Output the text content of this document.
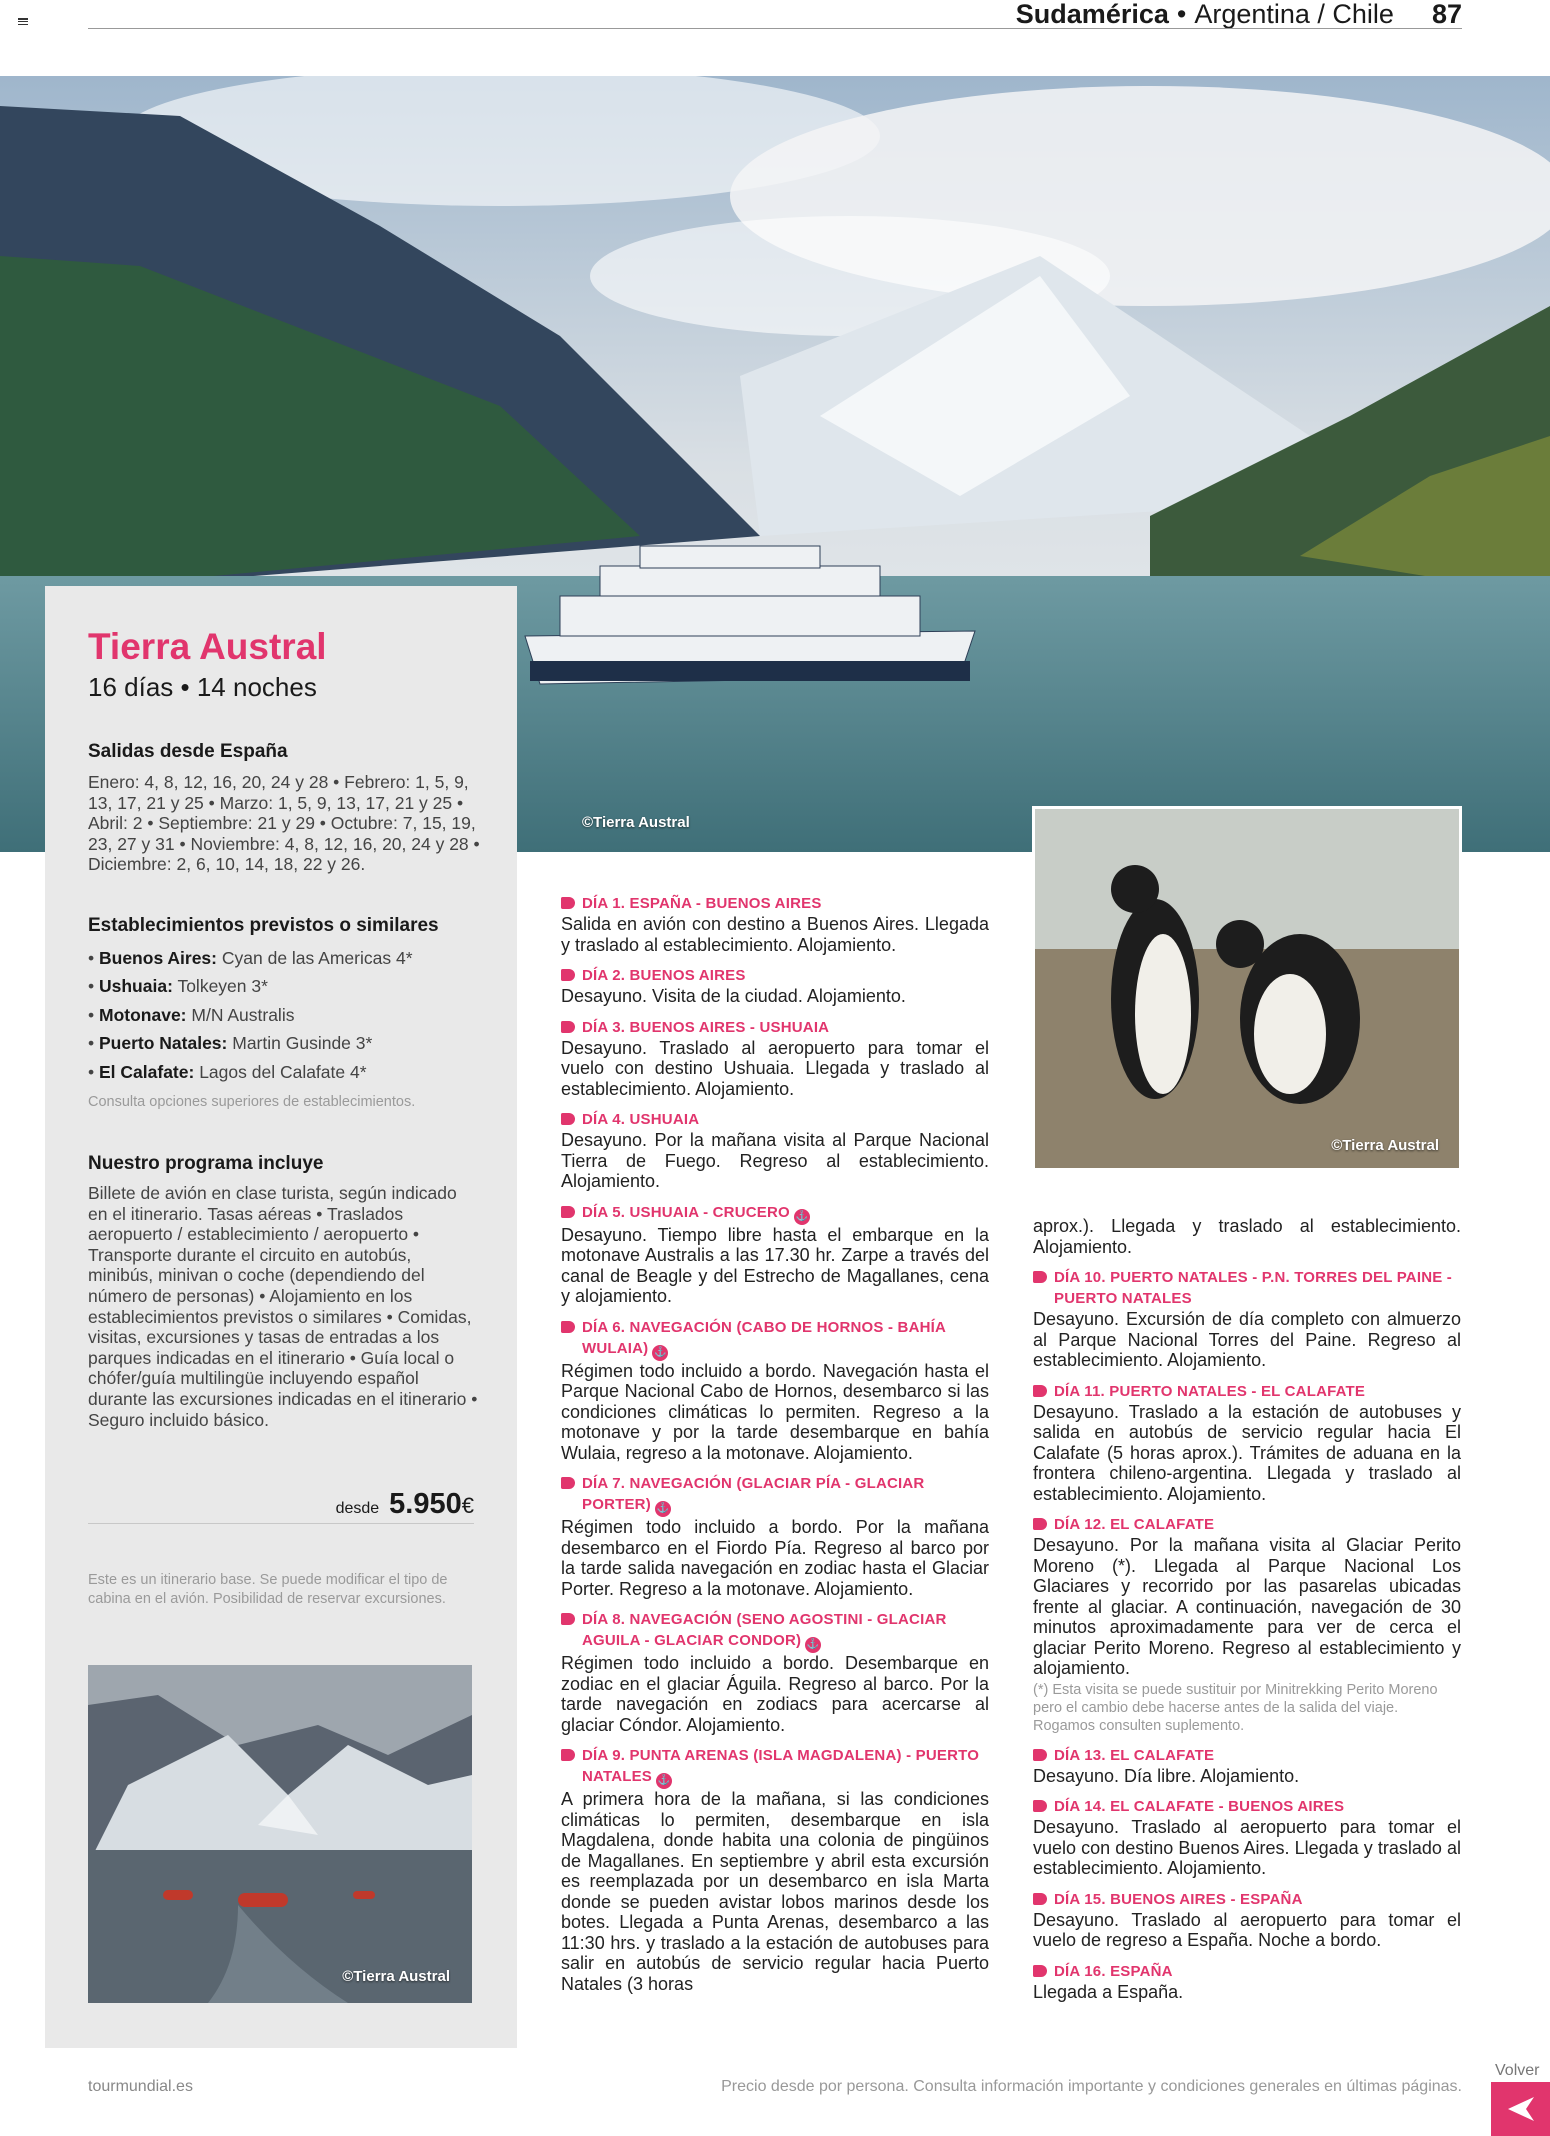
Sudamérica • Argentina / Chile 87
©Tierra Austral
Tierra Austral
16 días • 14 noches
Salidas desde España
Enero: 4, 8, 12, 16, 20, 24 y 28 • Febrero: 1, 5, 9, 13, 17, 21 y 25 • Marzo: 1, 5, 9, 13, 17, 21 y 25 • Abril: 2 • Septiembre: 21 y 29 • Octubre: 7, 15, 19, 23, 27 y 31 • Noviembre: 4, 8, 12, 16, 20, 24 y 28 • Diciembre: 2, 6, 10, 14, 18, 22 y 26.
Establecimientos previstos o similares
• Buenos Aires: Cyan de las Americas 4*
• Ushuaia: Tolkeyen 3*
• Motonave: M/N Australis
• Puerto Natales: Martin Gusinde 3*
• El Calafate: Lagos del Calafate 4*
Consulta opciones superiores de establecimientos.
Nuestro programa incluye
Billete de avión en clase turista, según indicado en el itinerario. Tasas aéreas • Traslados aeropuerto / establecimiento / aeropuerto • Transporte durante el circuito en autobús, minibús, minivan o coche (dependiendo del número de personas) • Alojamiento en los establecimientos previstos o similares • Comidas, visitas, excursiones y tasas de entradas a los parques indicadas en el itinerario • Guía local o chófer/guía multilingüe incluyendo español durante las excursiones indicadas en el itinerario • Seguro incluido básico.
desde 5.950 €
Este es un itinerario base. Se puede modificar el tipo de cabina en el avión. Posibilidad de reservar excursiones.
©Tierra Austral
©Tierra Austral
DÍA 1. ESPAÑA - BUENOS AIRES
Salida en avión con destino a Buenos Aires. Llegada y traslado al establecimiento. Alojamiento.
DÍA 2. BUENOS AIRES
Desayuno. Visita de la ciudad. Alojamiento.
DÍA 3. BUENOS AIRES - USHUAIA
Desayuno. Traslado al aeropuerto para tomar el vuelo con destino Ushuaia. Llegada y traslado al establecimiento. Alojamiento.
DÍA 4. USHUAIA
Desayuno. Por la mañana visita al Parque Nacional Tierra de Fuego. Regreso al establecimiento. Alojamiento.
DÍA 5. USHUAIA - CRUCERO ⚓
Desayuno. Tiempo libre hasta el embarque en la motonave Australis a las 17.30 hr. Zarpe a través del canal de Beagle y del Estrecho de Magallanes, cena y alojamiento.
DÍA 6. NAVEGACIÓN (CABO DE HORNOS - BAHÍA WULAIA) ⚓
Régimen todo incluido a bordo. Navegación hasta el Parque Nacional Cabo de Hornos, desembarco si las condiciones climáticas lo permiten. Regreso a la motonave y por la tarde desembarque en bahía Wulaia, regreso a la motonave. Alojamiento.
DÍA 7. NAVEGACIÓN (GLACIAR PÍA - GLACIAR PORTER) ⚓
Régimen todo incluido a bordo. Por la mañana desembarco en el Fiordo Pía. Regreso al barco por la tarde salida navegación en zodiac hasta el Glaciar Porter. Regreso a la motonave. Alojamiento.
DÍA 8. NAVEGACIÓN (SENO AGOSTINI - GLACIAR AGUILA - GLACIAR CONDOR) ⚓
Régimen todo incluido a bordo. Desembarque en zodiac en el glaciar Águila. Regreso al barco. Por la tarde navegación en zodiacs para acercarse al glaciar Cóndor. Alojamiento.
DÍA 9. PUNTA ARENAS (ISLA MAGDALENA) - PUERTO NATALES ⚓
A primera hora de la mañana, si las condiciones climáticas lo permiten, desembarque en isla Magdalena, donde habita una colonia de pingüinos de Magallanes. En septiembre y abril esta excursión es reemplazada por un desembarco en isla Marta donde se pueden avistar lobos marinos desde los botes. Llegada a Punta Arenas, desembarco a las 11:30 hrs. y traslado a la estación de autobuses para salir en autobús de servicio regular hacia Puerto Natales (3 horas
aprox.). Llegada y traslado al establecimiento. Alojamiento.
DÍA 10. PUERTO NATALES - P.N. TORRES DEL PAINE - PUERTO NATALES
Desayuno. Excursión de día completo con almuerzo al Parque Nacional Torres del Paine. Regreso al establecimiento. Alojamiento.
DÍA 11. PUERTO NATALES - EL CALAFATE
Desayuno. Traslado a la estación de autobuses y salida en autobús de servicio regular hacia El Calafate (5 horas aprox.). Trámites de aduana en la frontera chileno-argentina. Llegada y traslado al establecimiento. Alojamiento.
DÍA 12. EL CALAFATE
Desayuno. Por la mañana visita al Glaciar Perito Moreno (*). Llegada al Parque Nacional Los Glaciares y recorrido por las pasarelas ubicadas frente al glaciar. A continuación, navegación de 30 minutos aproximadamente para ver de cerca el glaciar Perito Moreno. Regreso al establecimiento y alojamiento.
(*) Esta visita se puede sustituir por Minitrekking Perito Moreno pero el cambio debe hacerse antes de la salida del viaje. Rogamos consulten suplemento.
DÍA 13. EL CALAFATE
Desayuno. Día libre. Alojamiento.
DÍA 14. EL CALAFATE - BUENOS AIRES
Desayuno. Traslado al aeropuerto para tomar el vuelo con destino Buenos Aires. Llegada y traslado al establecimiento. Alojamiento.
DÍA 15. BUENOS AIRES - ESPAÑA
Desayuno. Traslado al aeropuerto para tomar el vuelo de regreso a España. Noche a bordo.
DÍA 16. ESPAÑA
Llegada a España.
tourmundial.es	Precio desde por persona. Consulta información importante y condiciones generales en últimas páginas.
Volver
